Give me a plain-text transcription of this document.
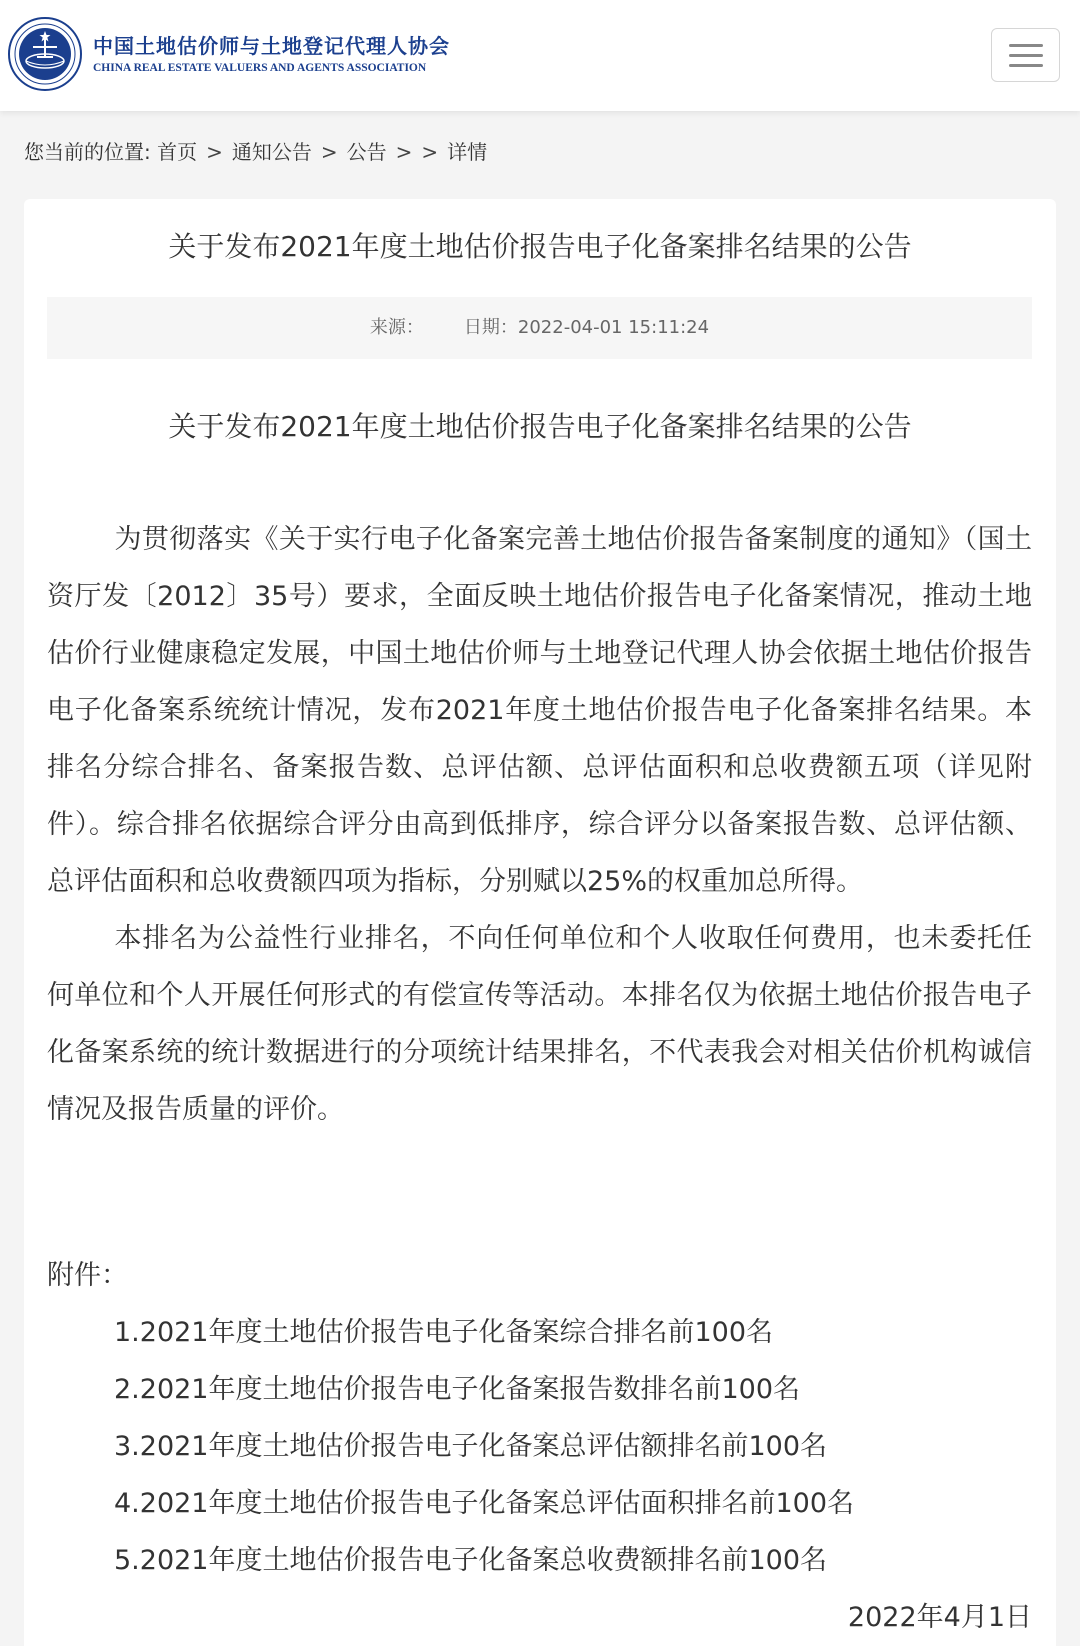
中国土地估价师与土地登记代理人协会
CHINA REAL ESTATE VALUERS AND AGENTS ASSOCIATION
您当前的位置: 首页 > 通知公告 > 公告 > > 详情
关于发布2021年度土地估价报告电子化备案排名结果的公告
来源： 日期：2022-04-01 15:11:24
关于发布2021年度土地估价报告电子化备案排名结果的公告

为贯彻落实《关于实行电子化备案完善土地估价报告备案制度的通知》（国土资厅发〔2012〕35号）要求，全面反映土地估价报告电子化备案情况，推动土地估价行业健康稳定发展，中国土地估价师与土地登记代理人协会依据土地估价报告电子化备案系统统计情况，发布2021年度土地估价报告电子化备案排名结果。本排名分综合排名、备案报告数、总评估额、总评估面积和总收费额五项（详见附件）。综合排名依据综合评分由高到低排序，综合评分以备案报告数、总评估额、总评估面积和总收费额四项为指标，分别赋以25%的权重加总所得。

本排名为公益性行业排名，不向任何单位和个人收取任何费用，也未委托任何单位和个人开展任何形式的有偿宣传等活动。本排名仅为依据土地估价报告电子化备案系统的统计数据进行的分项统计结果排名，不代表我会对相关估价机构诚信情况及报告质量的评价。

附件：
1.2021年度土地估价报告电子化备案综合排名前100名
2.2021年度土地估价报告电子化备案报告数排名前100名
3.2021年度土地估价报告电子化备案总评估额排名前100名
4.2021年度土地估价报告电子化备案总评估面积排名前100名
5.2021年度土地估价报告电子化备案总收费额排名前100名
2022年4月1日
